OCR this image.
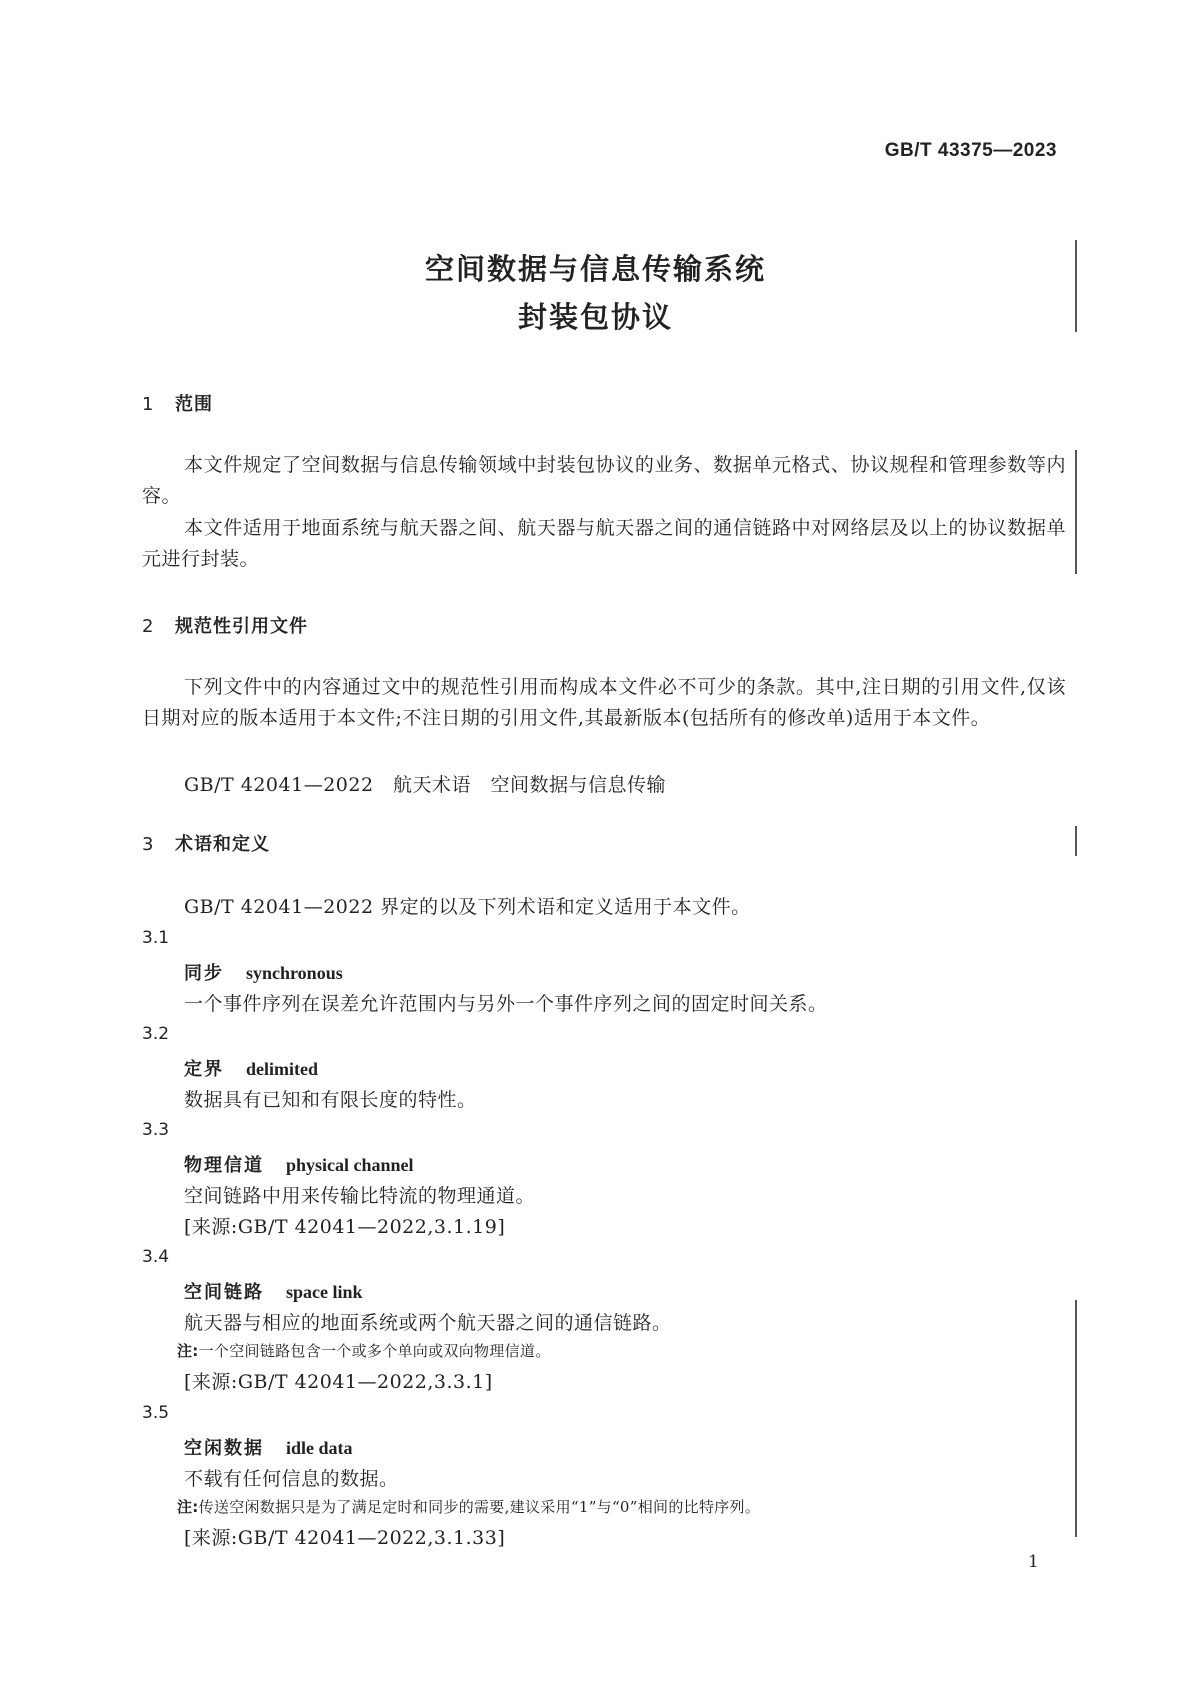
GB/T 43375—2023
空间数据与信息传输系统
封装包协议
1 范围
本文件规定了空间数据与信息传输领域中封装包协议的业务、数据单元格式、协议规程和管理参数等内容。
本文件适用于地面系统与航天器之间、航天器与航天器之间的通信链路中对网络层及以上的协议数据单元进行封装。
2 规范性引用文件
下列文件中的内容通过文中的规范性引用而构成本文件必不可少的条款。其中,注日期的引用文件,仅该日期对应的版本适用于本文件;不注日期的引用文件,其最新版本(包括所有的修改单)适用于本文件。
GB/T 42041—2022　航天术语　空间数据与信息传输
3 术语和定义
GB/T 42041—2022 界定的以及下列术语和定义适用于本文件。
3.1
同步 synchronous
一个事件序列在误差允许范围内与另外一个事件序列之间的固定时间关系。
3.2
定界 delimited
数据具有已知和有限长度的特性。
3.3
物理信道 physical channel
空间链路中用来传输比特流的物理通道。
[来源:GB/T 42041—2022,3.1.19]
3.4
空间链路 space link
航天器与相应的地面系统或两个航天器之间的通信链路。
注:一个空间链路包含一个或多个单向或双向物理信道。
[来源:GB/T 42041—2022,3.3.1]
3.5
空闲数据 idle data
不载有任何信息的数据。
注:传送空闲数据只是为了满足定时和同步的需要,建议采用“1”与“0”相间的比特序列。
[来源:GB/T 42041—2022,3.1.33]
1
